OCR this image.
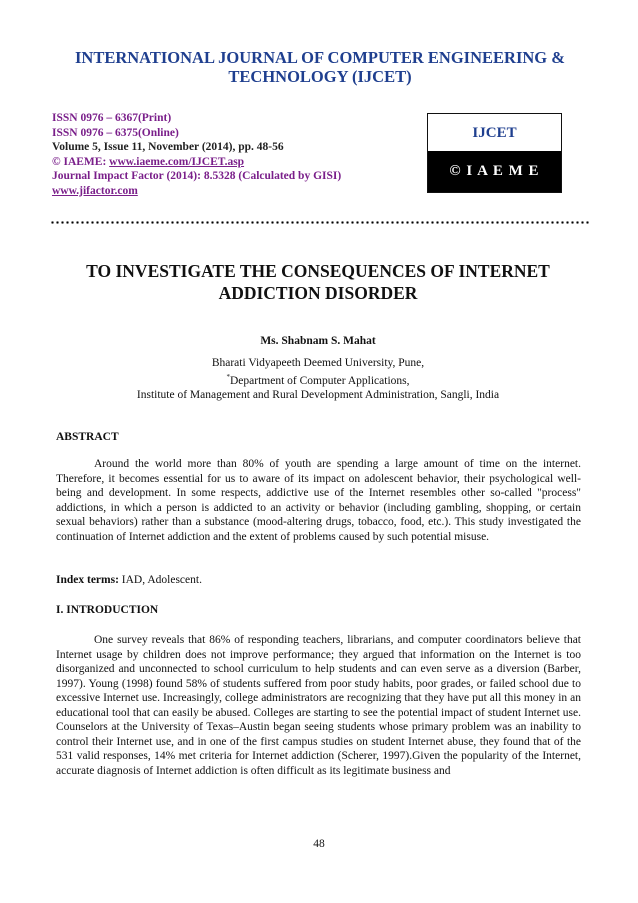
INTERNATIONAL JOURNAL OF COMPUTER ENGINEERING &
TECHNOLOGY (IJCET)
ISSN 0976 – 6367(Print)
ISSN 0976 – 6375(Online)
Volume 5, Issue 11, November (2014), pp. 48-56
© IAEME: www.iaeme.com/IJCET.asp
Journal Impact Factor (2014): 8.5328 (Calculated by GISI)
www.jifactor.com
IJCET
© I A E M E
TO INVESTIGATE THE CONSEQUENCES OF INTERNET
ADDICTION DISORDER
Ms. Shabnam S. Mahat
Bharati Vidyapeeth Deemed University, Pune,
*Department of Computer Applications,
Institute of Management and Rural Development Administration, Sangli, India
ABSTRACT

Around the world more than 80% of youth are spending a large amount of time on the internet. Therefore, it becomes essential for us to aware of its impact on adolescent behavior, their psychological well-being and development. In some respects, addictive use of the Internet resembles other so-called "process" addictions, in which a person is addicted to an activity or behavior (including gambling, shopping, or certain sexual behaviors) rather than a substance (mood-altering drugs, tobacco, food, etc.). This study investigated the continuation of Internet addiction and the extent of problems caused by such potential misuse.

Index terms: IAD, Adolescent.
I. INTRODUCTION

One survey reveals that 86% of responding teachers, librarians, and computer coordinators believe that Internet usage by children does not improve performance; they argued that information on the Internet is too disorganized and unconnected to school curriculum to help students and can even serve as a diversion (Barber, 1997). Young (1998) found 58% of students suffered from poor study habits, poor grades, or failed school due to excessive Internet use. Increasingly, college administrators are recognizing that they have put all this money in an educational tool that can easily be abused. Colleges are starting to see the potential impact of student Internet use. Counselors at the University of Texas–Austin began seeing students whose primary problem was an inability to control their Internet use, and in one of the first campus studies on student Internet abuse, they found that of the 531 valid responses, 14% met criteria for Internet addiction (Scherer, 1997).Given the popularity of the Internet, accurate diagnosis of Internet addiction is often difficult as its legitimate business and

48
